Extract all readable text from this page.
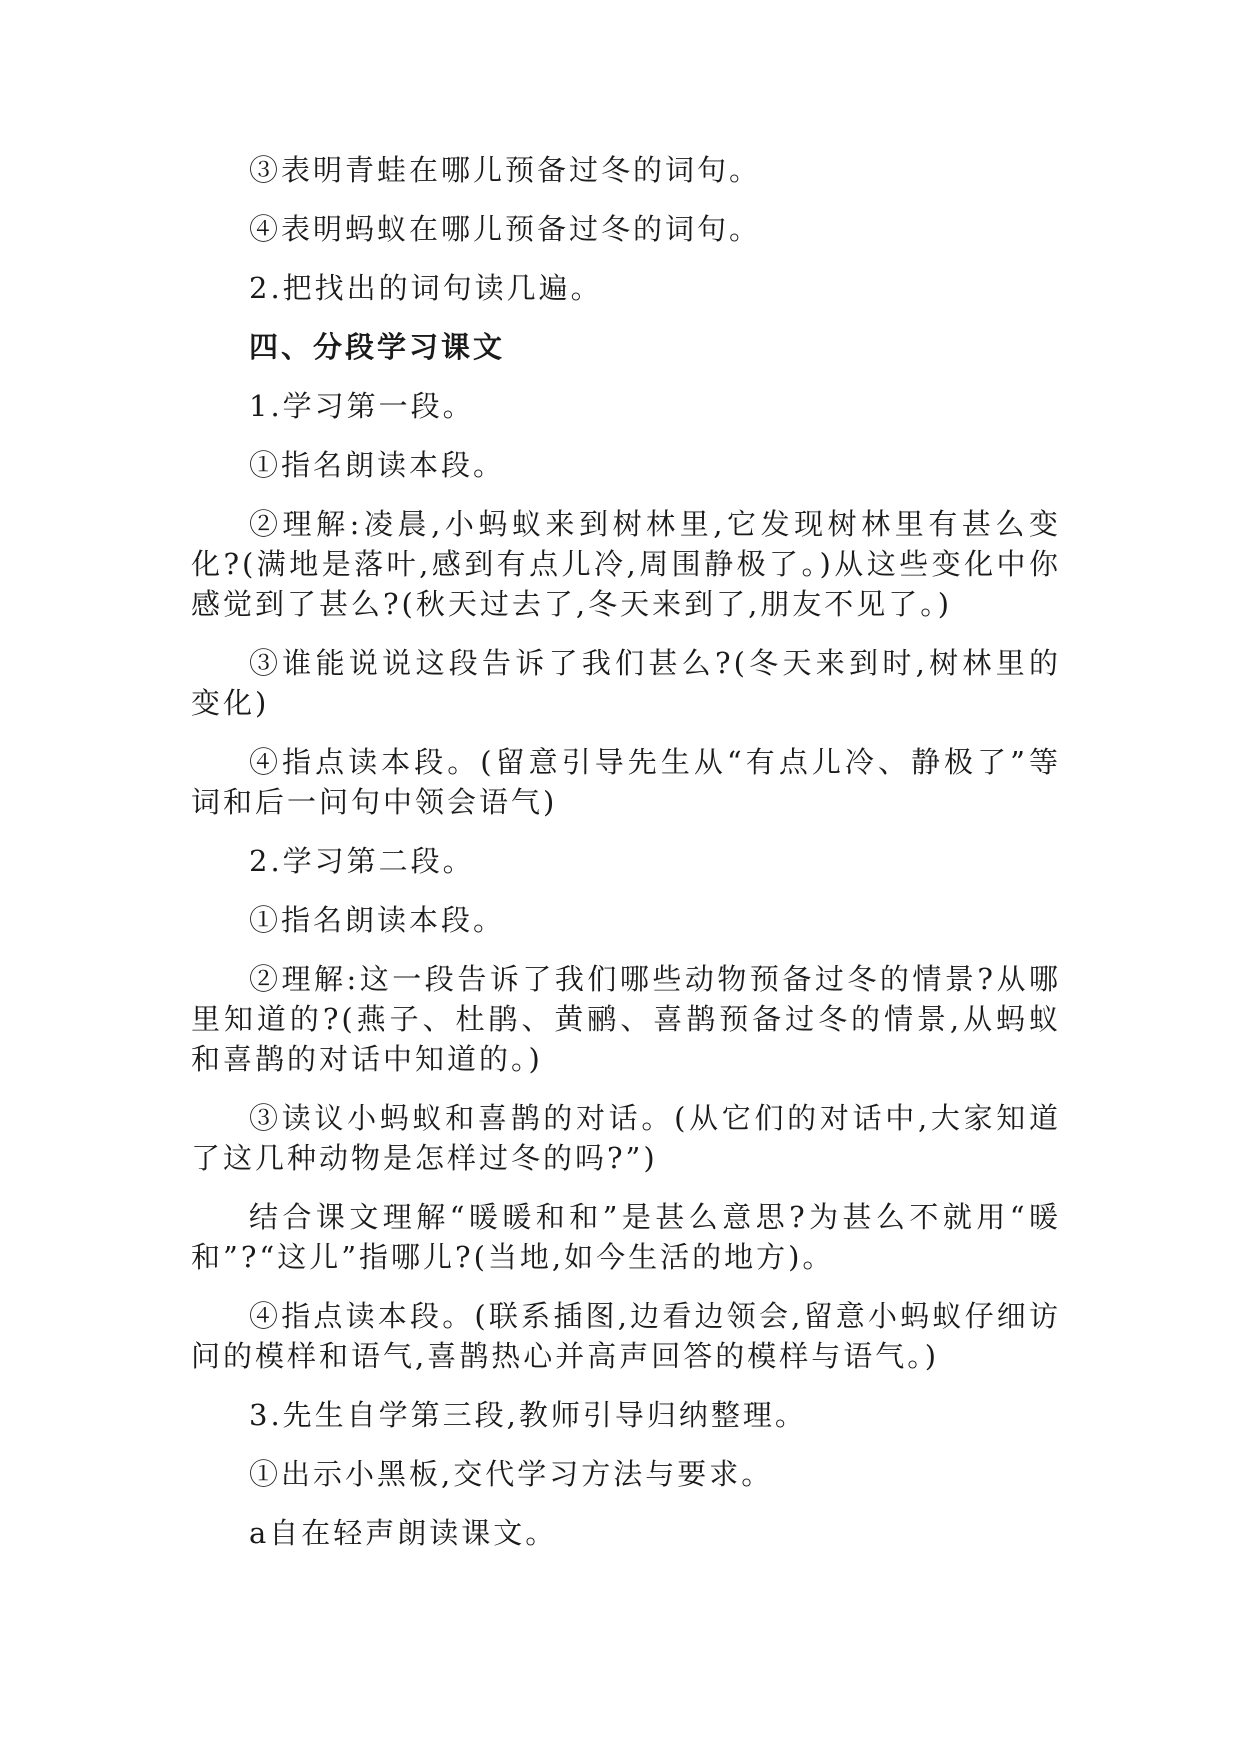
③表明青蛙在哪儿预备过冬的词句。

④表明蚂蚁在哪儿预备过冬的词句。

2.把找出的词句读几遍。

四、分段学习课文

1.学习第一段。

①指名朗读本段。

②理解:凌晨,小蚂蚁来到树林里,它发现树林里有甚么变化?(满地是落叶,感到有点儿冷,周围静极了。)从这些变化中你感觉到了甚么?(秋天过去了,冬天来到了,朋友不见了。)

③谁能说说这段告诉了我们甚么?(冬天来到时,树林里的变化)

④指点读本段。(留意引导先生从“有点儿冷、静极了”等词和后一问句中领会语气)

2.学习第二段。

①指名朗读本段。

②理解:这一段告诉了我们哪些动物预备过冬的情景?从哪里知道的?(燕子、杜鹃、黄鹂、喜鹊预备过冬的情景,从蚂蚁和喜鹊的对话中知道的。)

③读议小蚂蚁和喜鹊的对话。(从它们的对话中,大家知道了这几种动物是怎样过冬的吗?”)

结合课文理解“暖暖和和”是甚么意思?为甚么不就用“暖和”?“这儿”指哪儿?(当地,如今生活的地方)。

④指点读本段。(联系插图,边看边领会,留意小蚂蚁仔细访问的模样和语气,喜鹊热心并高声回答的模样与语气。)

3.先生自学第三段,教师引导归纳整理。

①出示小黑板,交代学习方法与要求。

a自在轻声朗读课文。
